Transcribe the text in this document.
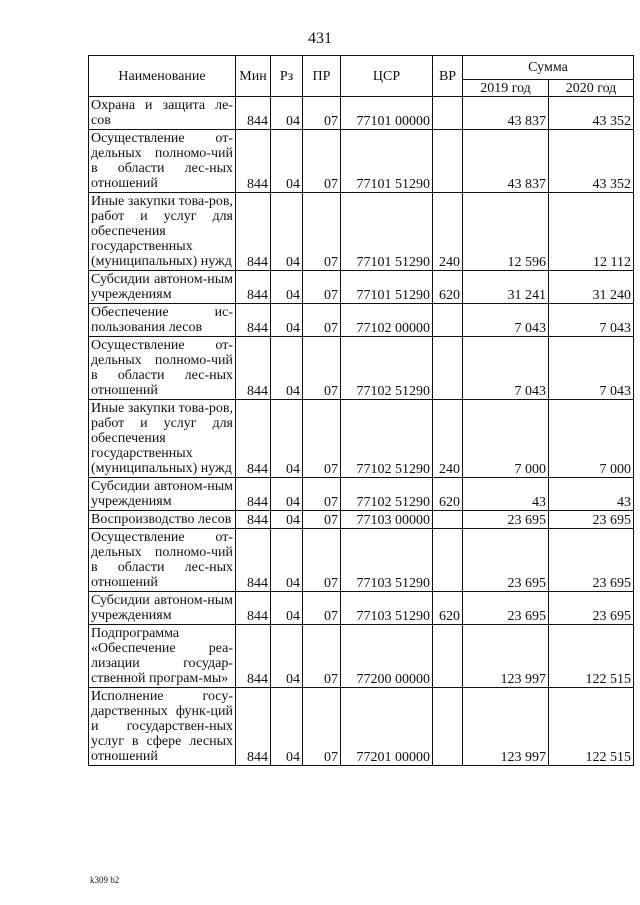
431
Наименование	Мин	Рз	ПР	ЦСР	ВР	Сумма	
						2019 год	2020 год
Охрана и защита ле-сов	844	04	07	77101 00000		43 837	43 352
Осуществление от-дельных полномо-чий в области лес-ных отношений	844	04	07	77101 51290		43 837	43 352
Иные закупки това-ров, работ и услуг для обеспечения государственных (муниципальных) нужд	844	04	07	77101 51290	240	12 596	12 112
Субсидии автоном-ным учреждениям	844	04	07	77101 51290	620	31 241	31 240
Обеспечение ис-пользования лесов	844	04	07	77102 00000		7 043	7 043
Осуществление от-дельных полномо-чий в области лес-ных отношений	844	04	07	77102 51290		7 043	7 043
Иные закупки това-ров, работ и услуг для обеспечения государственных (муниципальных) нужд	844	04	07	77102 51290	240	7 000	7 000
Субсидии автоном-ным учреждениям	844	04	07	77102 51290	620	43	43
Воспроизводство лесов	844	04	07	77103 00000		23 695	23 695
Осуществление от-дельных полномо-чий в области лес-ных отношений	844	04	07	77103 51290		23 695	23 695
Субсидии автоном-ным учреждениям	844	04	07	77103 51290	620	23 695	23 695
Подпрограмма «Обеспечение реа-лизации государ-ственной програм-мы»	844	04	07	77200 00000		123 997	122 515
Исполнение госу-дарственных функ-ций и государствен-ных услуг в сфере лесных отношений	844	04	07	77201 00000		123 997	122 515
k309 b2
